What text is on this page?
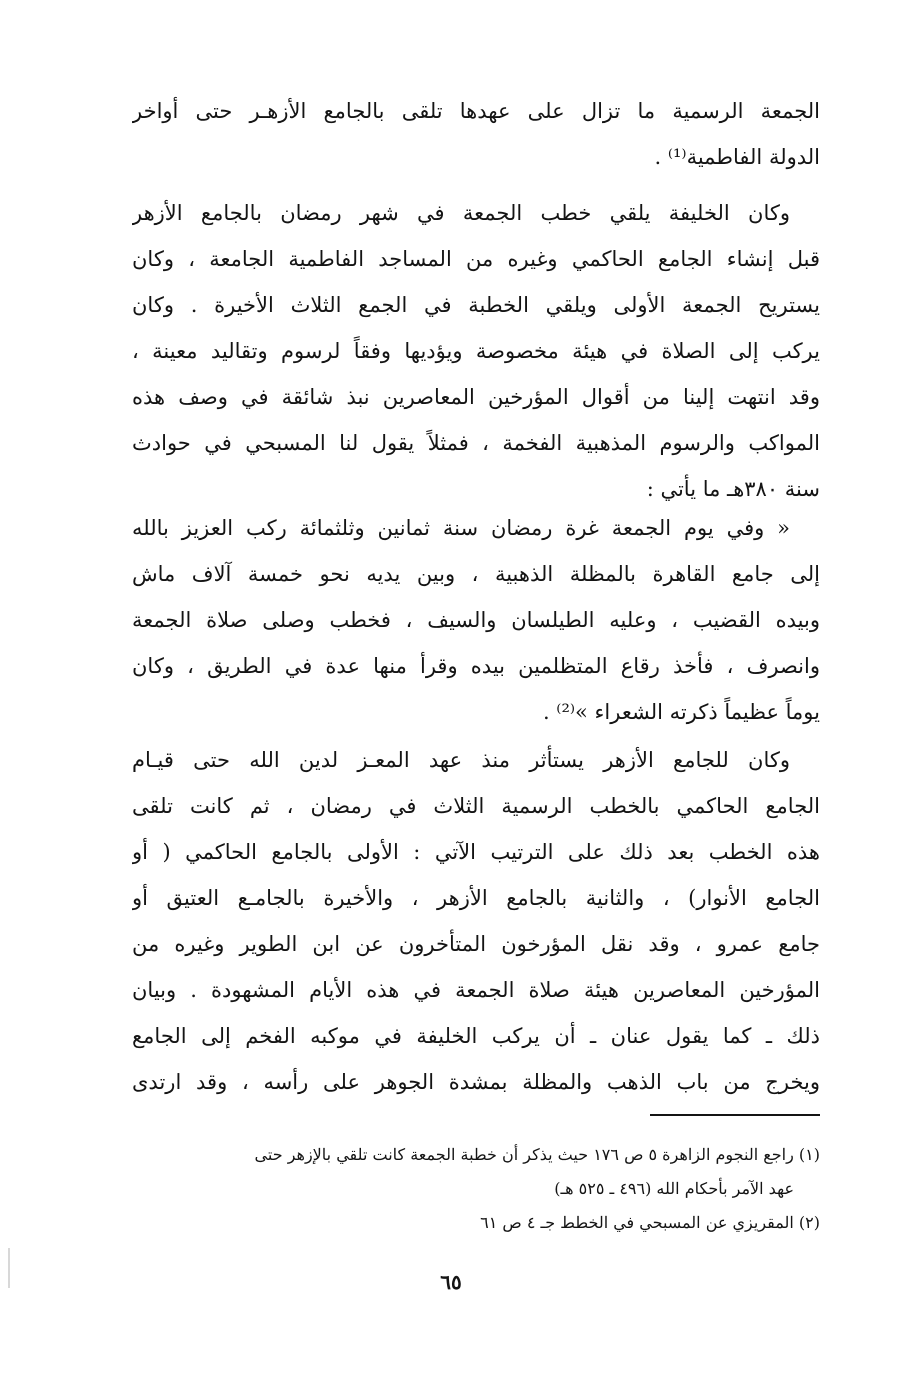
الجمعة الرسمية ما تزال على عهدها تلقى بالجامع الأزهـر حتى أواخر
الدولة الفاطمية⁽¹⁾ .
وكان الخليفة يلقي خطب الجمعة في شهر رمضان بالجامع الأزهر
قبل إنشاء الجامع الحاكمي وغيره من المساجد الفاطمية الجامعة ، وكان
يستريح الجمعة الأولى ويلقي الخطبة في الجمع الثلاث الأخيرة . وكان
يركب إلى الصلاة في هيئة مخصوصة ويؤديها وفقاً لرسوم وتقاليد معينة ،
وقد انتهت إلينا من أقوال المؤرخين المعاصرين نبذ شائقة في وصف هذه
المواكب والرسوم المذهبية الفخمة ، فمثلاً يقول لنا المسبحي في حوادث
سنة ٣٨٠هـ ما يأتي :
« وفي يوم الجمعة غرة رمضان سنة ثمانين وثلثمائة ركب العزيز بالله
إلى جامع القاهرة بالمظلة الذهبية ، وبين يديه نحو خمسة آلاف ماش
وبيده القضيب ، وعليه الطيلسان والسيف ، فخطب وصلى صلاة الجمعة
وانصرف ، فأخذ رقاع المتظلمين بيده وقرأ منها عدة في الطريق ، وكان
يوماً عظيماً ذكرته الشعراء »⁽²⁾ .
وكان للجامع الأزهر يستأثر منذ عهد المعـز لدين الله حتى قيـام
الجامع الحاكمي بالخطب الرسمية الثلاث في رمضان ، ثم كانت تلقى
هذه الخطب بعد ذلك على الترتيب الآتي : الأولى بالجامع الحاكمي ( أو
الجامع الأنوار) ، والثانية بالجامع الأزهر ، والأخيرة بالجامـع العتيق أو
جامع عمرو ، وقد نقل المؤرخون المتأخرون عن ابن الطوير وغيره من
المؤرخين المعاصرين هيئة صلاة الجمعة في هذه الأيام المشهودة . وبيان
ذلك ـ كما يقول عنان ـ أن يركب الخليفة في موكبه الفخم إلى الجامع
ويخرج من باب الذهب والمظلة بمشدة الجوهر على رأسه ، وقد ارتدى
(١) راجع النجوم الزاهرة ٥ ص ١٧٦ حيث يذكر أن خطبة الجمعة كانت تلقي بالإزهر حتى
عهد الآمر بأحكام الله (٤٩٦ ـ ٥٢٥ هـ)
(٢) المقريزي عن المسبحي في الخطط جـ ٤ ص ٦١
٦٥
